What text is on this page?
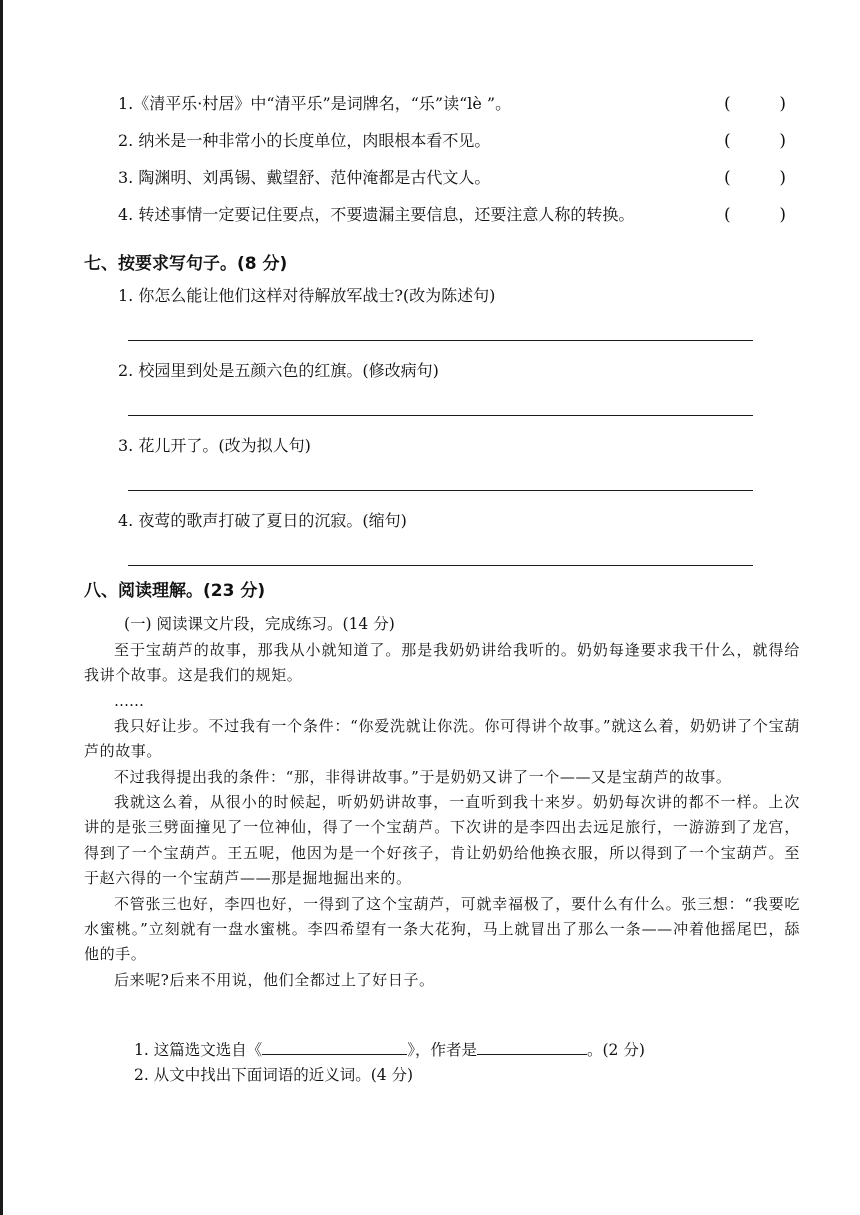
1.《清平乐·村居》中“清平乐”是词牌名，“乐”读“lè ”。	(	)
2. 纳米是一种非常小的长度单位，肉眼根本看不见。	(	)
3. 陶渊明、刘禹锡、戴望舒、范仲淹都是古代文人。	(	)
4. 转述事情一定要记住要点，不要遗漏主要信息，还要注意人称的转换。	(	)
七、按要求写句子。(8 分)
1. 你怎么能让他们这样对待解放军战士?(改为陈述句)
2. 校园里到处是五颜六色的红旗。(修改病句)
3. 花儿开了。(改为拟人句)
4. 夜莺的歌声打破了夏日的沉寂。(缩句)
八、阅读理解。(23 分)
(一) 阅读课文片段，完成练习。(14 分)

至于宝葫芦的故事，那我从小就知道了。那是我奶奶讲给我听的。奶奶每逢要求我干什么，就得给我讲个故事。这是我们的规矩。

……

我只好让步。不过我有一个条件：“你爱洗就让你洗。你可得讲个故事。”就这么着，奶奶讲了个宝葫芦的故事。

不过我得提出我的条件：“那，非得讲故事。”于是奶奶又讲了一个——又是宝葫芦的故事。

我就这么着，从很小的时候起，听奶奶讲故事，一直听到我十来岁。奶奶每次讲的都不一样。上次讲的是张三劈面撞见了一位神仙，得了一个宝葫芦。下次讲的是李四出去远足旅行，一游游到了龙宫，得到了一个宝葫芦。王五呢，他因为是一个好孩子，肯让奶奶给他换衣服，所以得到了一个宝葫芦。至于赵六得的一个宝葫芦——那是掘地掘出来的。

不管张三也好，李四也好，一得到了这个宝葫芦，可就幸福极了，要什么有什么。张三想：“我要吃水蜜桃。”立刻就有一盘水蜜桃。李四希望有一条大花狗，马上就冒出了那么一条——冲着他摇尾巴，舔他的手。

后来呢?后来不用说，他们全都过上了好日子。

1. 这篇选文选自《	》，作者是	。(2 分)
2. 从文中找出下面词语的近义词。(4 分)
